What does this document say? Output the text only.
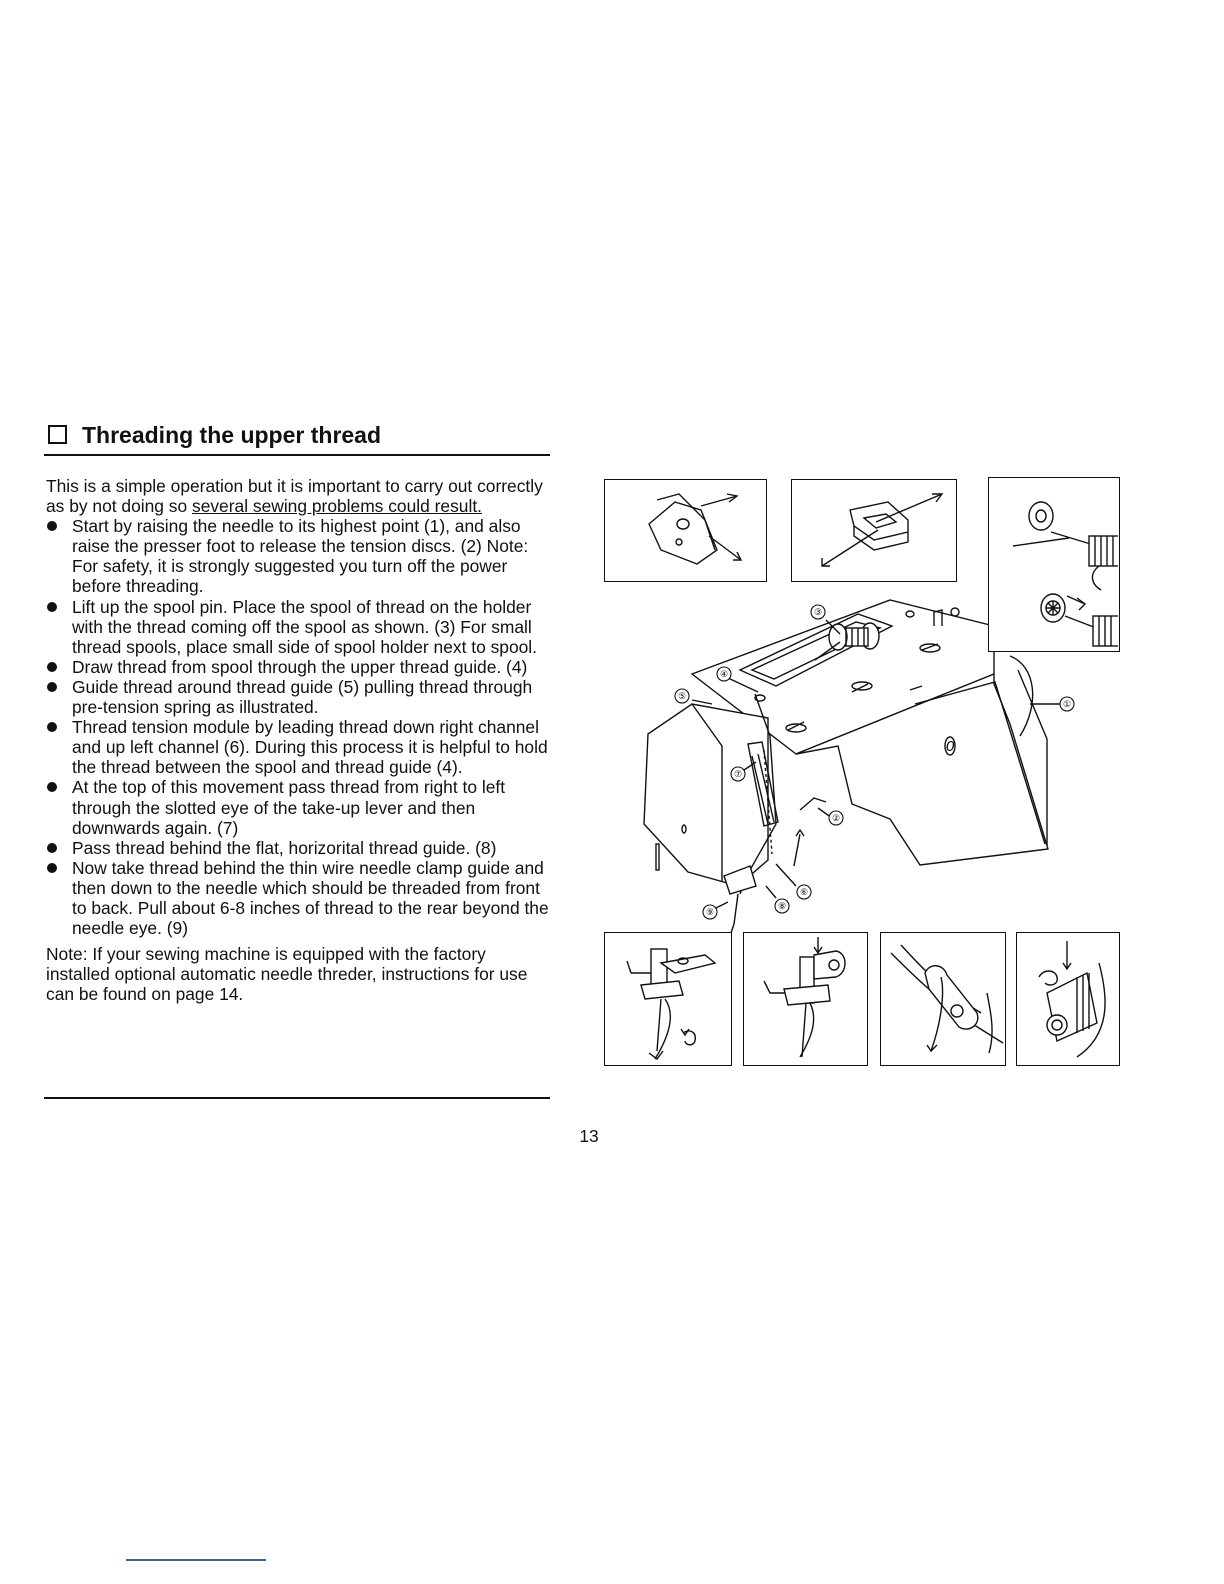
Threading the upper thread

This is a simple operation but it is important to carry out correctly as by not doing so several sewing problems could result.

Start by raising the needle to its highest point (1), and also raise the presser foot to release the tension discs. (2) Note: For safety, it is strongly suggested you turn off the power before threading.
Lift up the spool pin. Place the spool of thread on the holder with the thread coming off the spool as shown. (3) For small thread spools, place small side of spool holder next to spool.
Draw thread from spool through the upper thread guide. (4)
Guide thread around thread guide (5) pulling thread through pre-tension spring as illustrated.
Thread tension module by leading thread down right channel and up left channel (6). During this process it is helpful to hold the thread between the spool and thread guide (4).
At the top of this movement pass thread from right to left through the slotted eye of the take-up lever and then downwards again. (7)
Pass thread behind the flat, horizorital thread guide. (8)
Now take thread behind the thin wire needle clamp guide and then down to the needle which should be threaded from front to back. Pull about 6-8 inches of thread to the rear beyond the needle eye. (9)

Note: If your sewing machine is equipped with the factory installed optional automatic needle threder, instructions for use can be found on page 14.

13
①
②
③
④
⑤
⑥
⑦
⑧
⑨
0
